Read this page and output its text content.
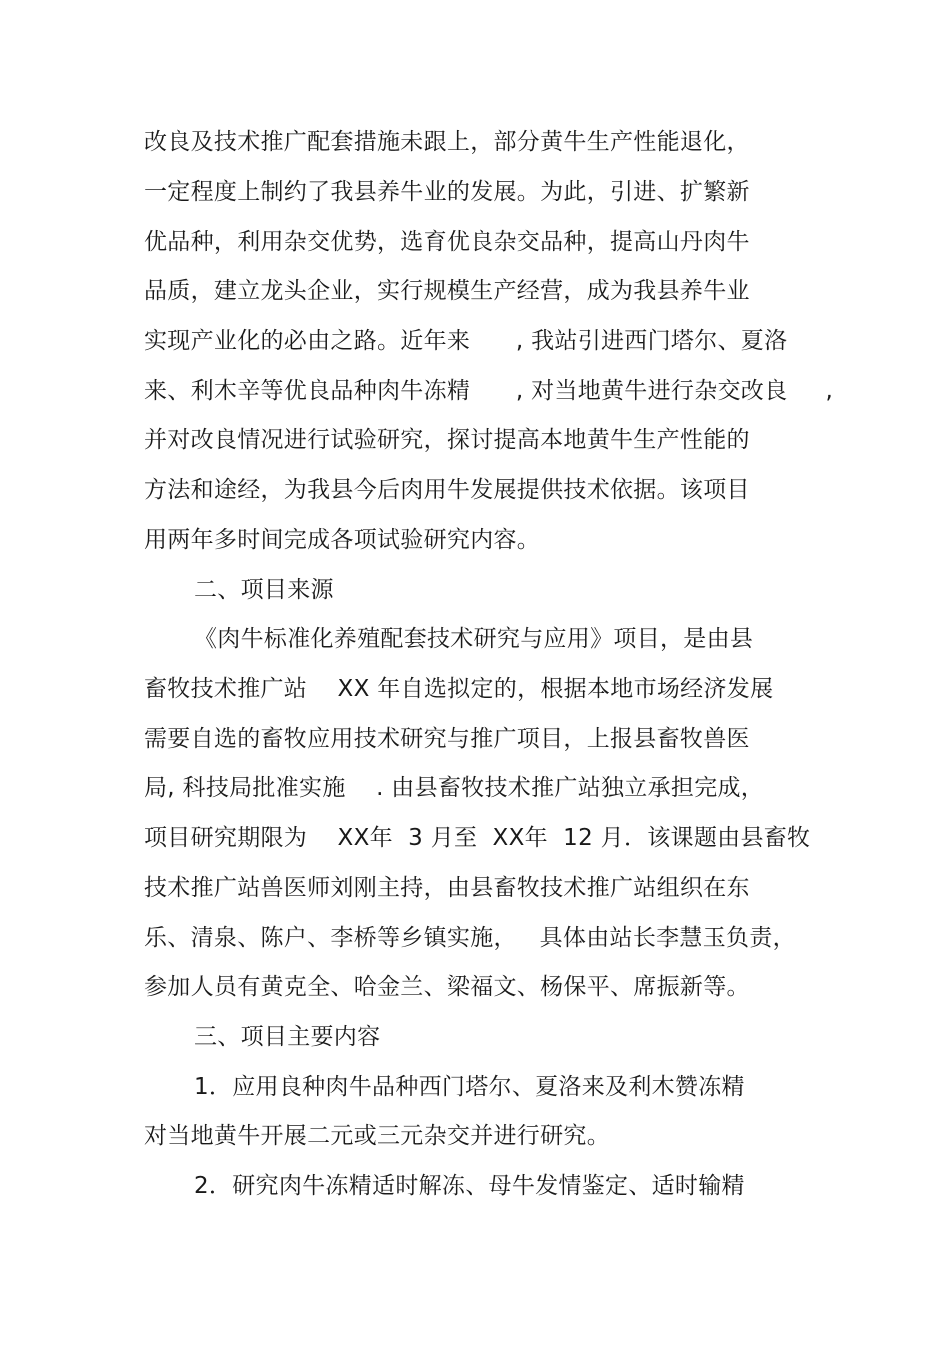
改良及技术推广配套措施未跟上，部分黄牛生产性能退化，
一定程度上制约了我县养牛业的发展。为此，引进、扩繁新
优品种，利用杂交优势，选育优良杂交品种，提高山丹肉牛
品质，建立龙头企业，实行规模生产经营，成为我县养牛业
实现产业化的必由之路。近年来      , 我站引进西门塔尔、夏洛
来、利木辛等优良品种肉牛冻精      , 对当地黄牛进行杂交改良     ,
并对改良情况进行试验研究，探讨提高本地黄牛生产性能的
方法和途经，为我县今后肉用牛发展提供技术依据。该项目
用两年多时间完成各项试验研究内容。
二、项目来源
《肉牛标准化养殖配套技术研究与应用》项目，是由县
畜牧技术推广站    XX 年自选拟定的，根据本地市场经济发展
需要自选的畜牧应用技术研究与推广项目，上报县畜牧兽医
局, 科技局批准实施    . 由县畜牧技术推广站独立承担完成，
项目研究期限为    XX年  3 月至  XX年  12 月．该课题由县畜牧
技术推广站兽医师刘刚主持，由县畜牧技术推广站组织在东
乐、清泉、陈户、李桥等乡镇实施，   具体由站长李慧玉负责，
参加人员有黄克全、哈金兰、梁福文、杨保平、席振新等。
三、项目主要内容
1．应用良种肉牛品种西门塔尔、夏洛来及利木赞冻精
对当地黄牛开展二元或三元杂交并进行研究。
2．研究肉牛冻精适时解冻、母牛发情鉴定、适时输精
